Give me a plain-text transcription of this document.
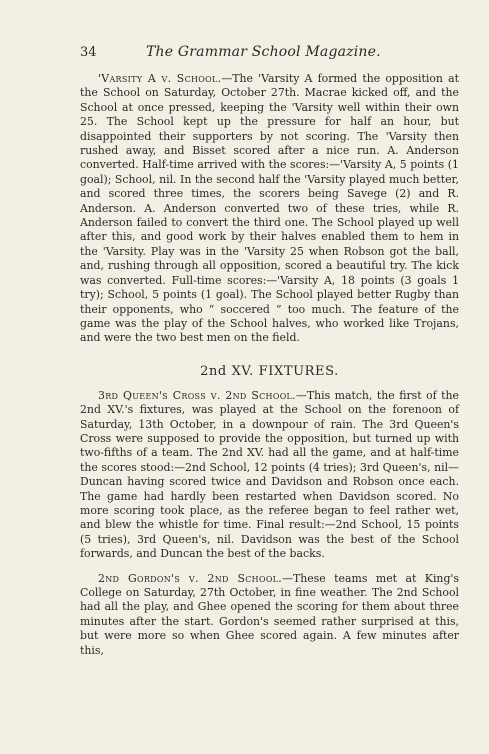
34	The Grammar School Magazine.

'Varsity A v. School.—The 'Varsity A formed the opposition at the School on Saturday, October 27th. Macrae kicked off, and the School at once pressed, keeping the 'Varsity well within their own 25. The School kept up the pressure for half an hour, but disappointed their supporters by not scoring. The 'Varsity then rushed away, and Bisset scored after a nice run. A. Anderson converted. Half-time arrived with the scores:—'Varsity A, 5 points (1 goal); School, nil. In the second half the 'Varsity played much better, and scored three times, the scorers being Savege (2) and R. Anderson. A. Anderson converted two of these tries, while R. Anderson failed to convert the third one. The School played up well after this, and good work by their halves enabled them to hem in the 'Varsity. Play was in the 'Varsity 25 when Robson got the ball, and, rushing through all opposition, scored a beautiful try. The kick was converted. Full-time scores:—'Varsity A, 18 points (3 goals 1 try); School, 5 points (1 goal). The School played better Rugby than their opponents, who “ soccered ” too much. The feature of the game was the play of the School halves, who worked like Trojans, and were the two best men on the field.

2nd XV. FIXTURES.

3rd Queen's Cross v. 2nd School.—This match, the first of the 2nd XV.'s fixtures, was played at the School on the forenoon of Saturday, 13th October, in a downpour of rain. The 3rd Queen's Cross were supposed to provide the opposition, but turned up with two-fifths of a team. The 2nd XV. had all the game, and at half-time the scores stood:—2nd School, 12 points (4 tries); 3rd Queen's, nil—Duncan having scored twice and Davidson and Robson once each. The game had hardly been restarted when Davidson scored. No more scoring took place, as the referee began to feel rather wet, and blew the whistle for time. Final result:—2nd School, 15 points (5 tries), 3rd Queen's, nil. Davidson was the best of the School forwards, and Duncan the best of the backs.

2nd Gordon's v. 2nd School.—These teams met at King's College on Saturday, 27th October, in fine weather. The 2nd School had all the play, and Ghee opened the scoring for them about three minutes after the start. Gordon's seemed rather surprised at this, but were more so when Ghee scored again. A few minutes after this,
